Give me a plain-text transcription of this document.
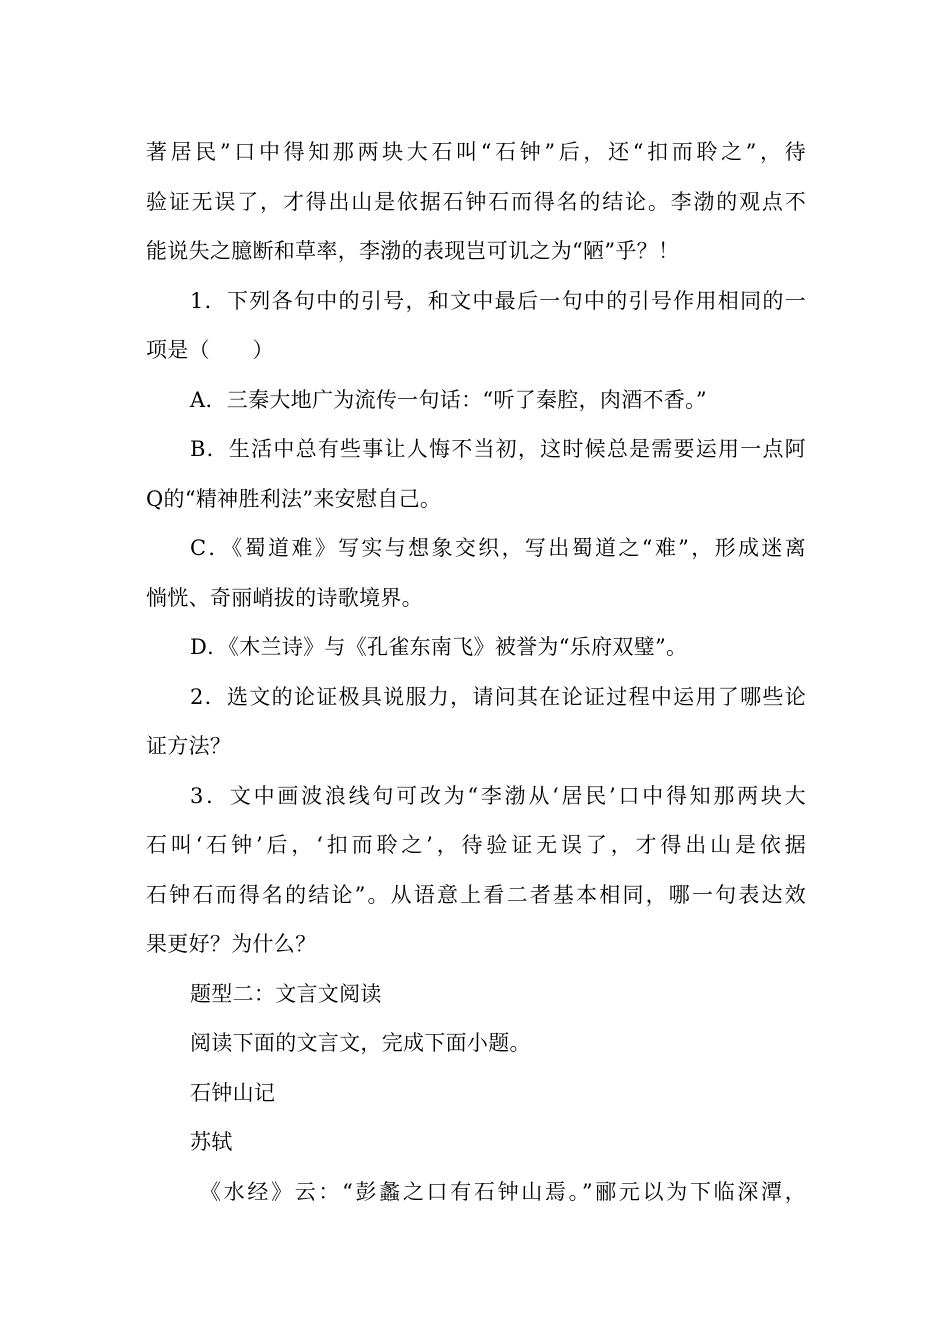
著居民”口中得知那两块大石叫“石钟”后，还“扣而聆之”，待
验证无误了，才得出山是依据石钟石而得名的结论。李渤的观点不
能说失之臆断和草率，李渤的表现岂可讥之为“陋”乎？！
1．下列各句中的引号，和文中最后一句中的引号作用相同的一
项是（　　）
A．三秦大地广为流传一句话：“听了秦腔，肉酒不香。”
B．生活中总有些事让人悔不当初，这时候总是需要运用一点阿
Q的“精神胜利法”来安慰自己。
C．《蜀道难》写实与想象交织，写出蜀道之“难”，形成迷离
惝恍、奇丽峭拔的诗歌境界。
D．《木兰诗》与《孔雀东南飞》被誉为“乐府双璧”。
2．选文的论证极具说服力，请问其在论证过程中运用了哪些论
证方法？
3．文中画波浪线句可改为“李渤从‘居民’口中得知那两块大
石叫‘石钟’后，‘扣而聆之’，待验证无误了，才得出山是依据
石钟石而得名的结论”。从语意上看二者基本相同，哪一句表达效
果更好？为什么？
题型二：文言文阅读
阅读下面的文言文，完成下面小题。
石钟山记
苏轼
《水经》云：“彭蠡之口有石钟山焉。”郦元以为下临深潭，
